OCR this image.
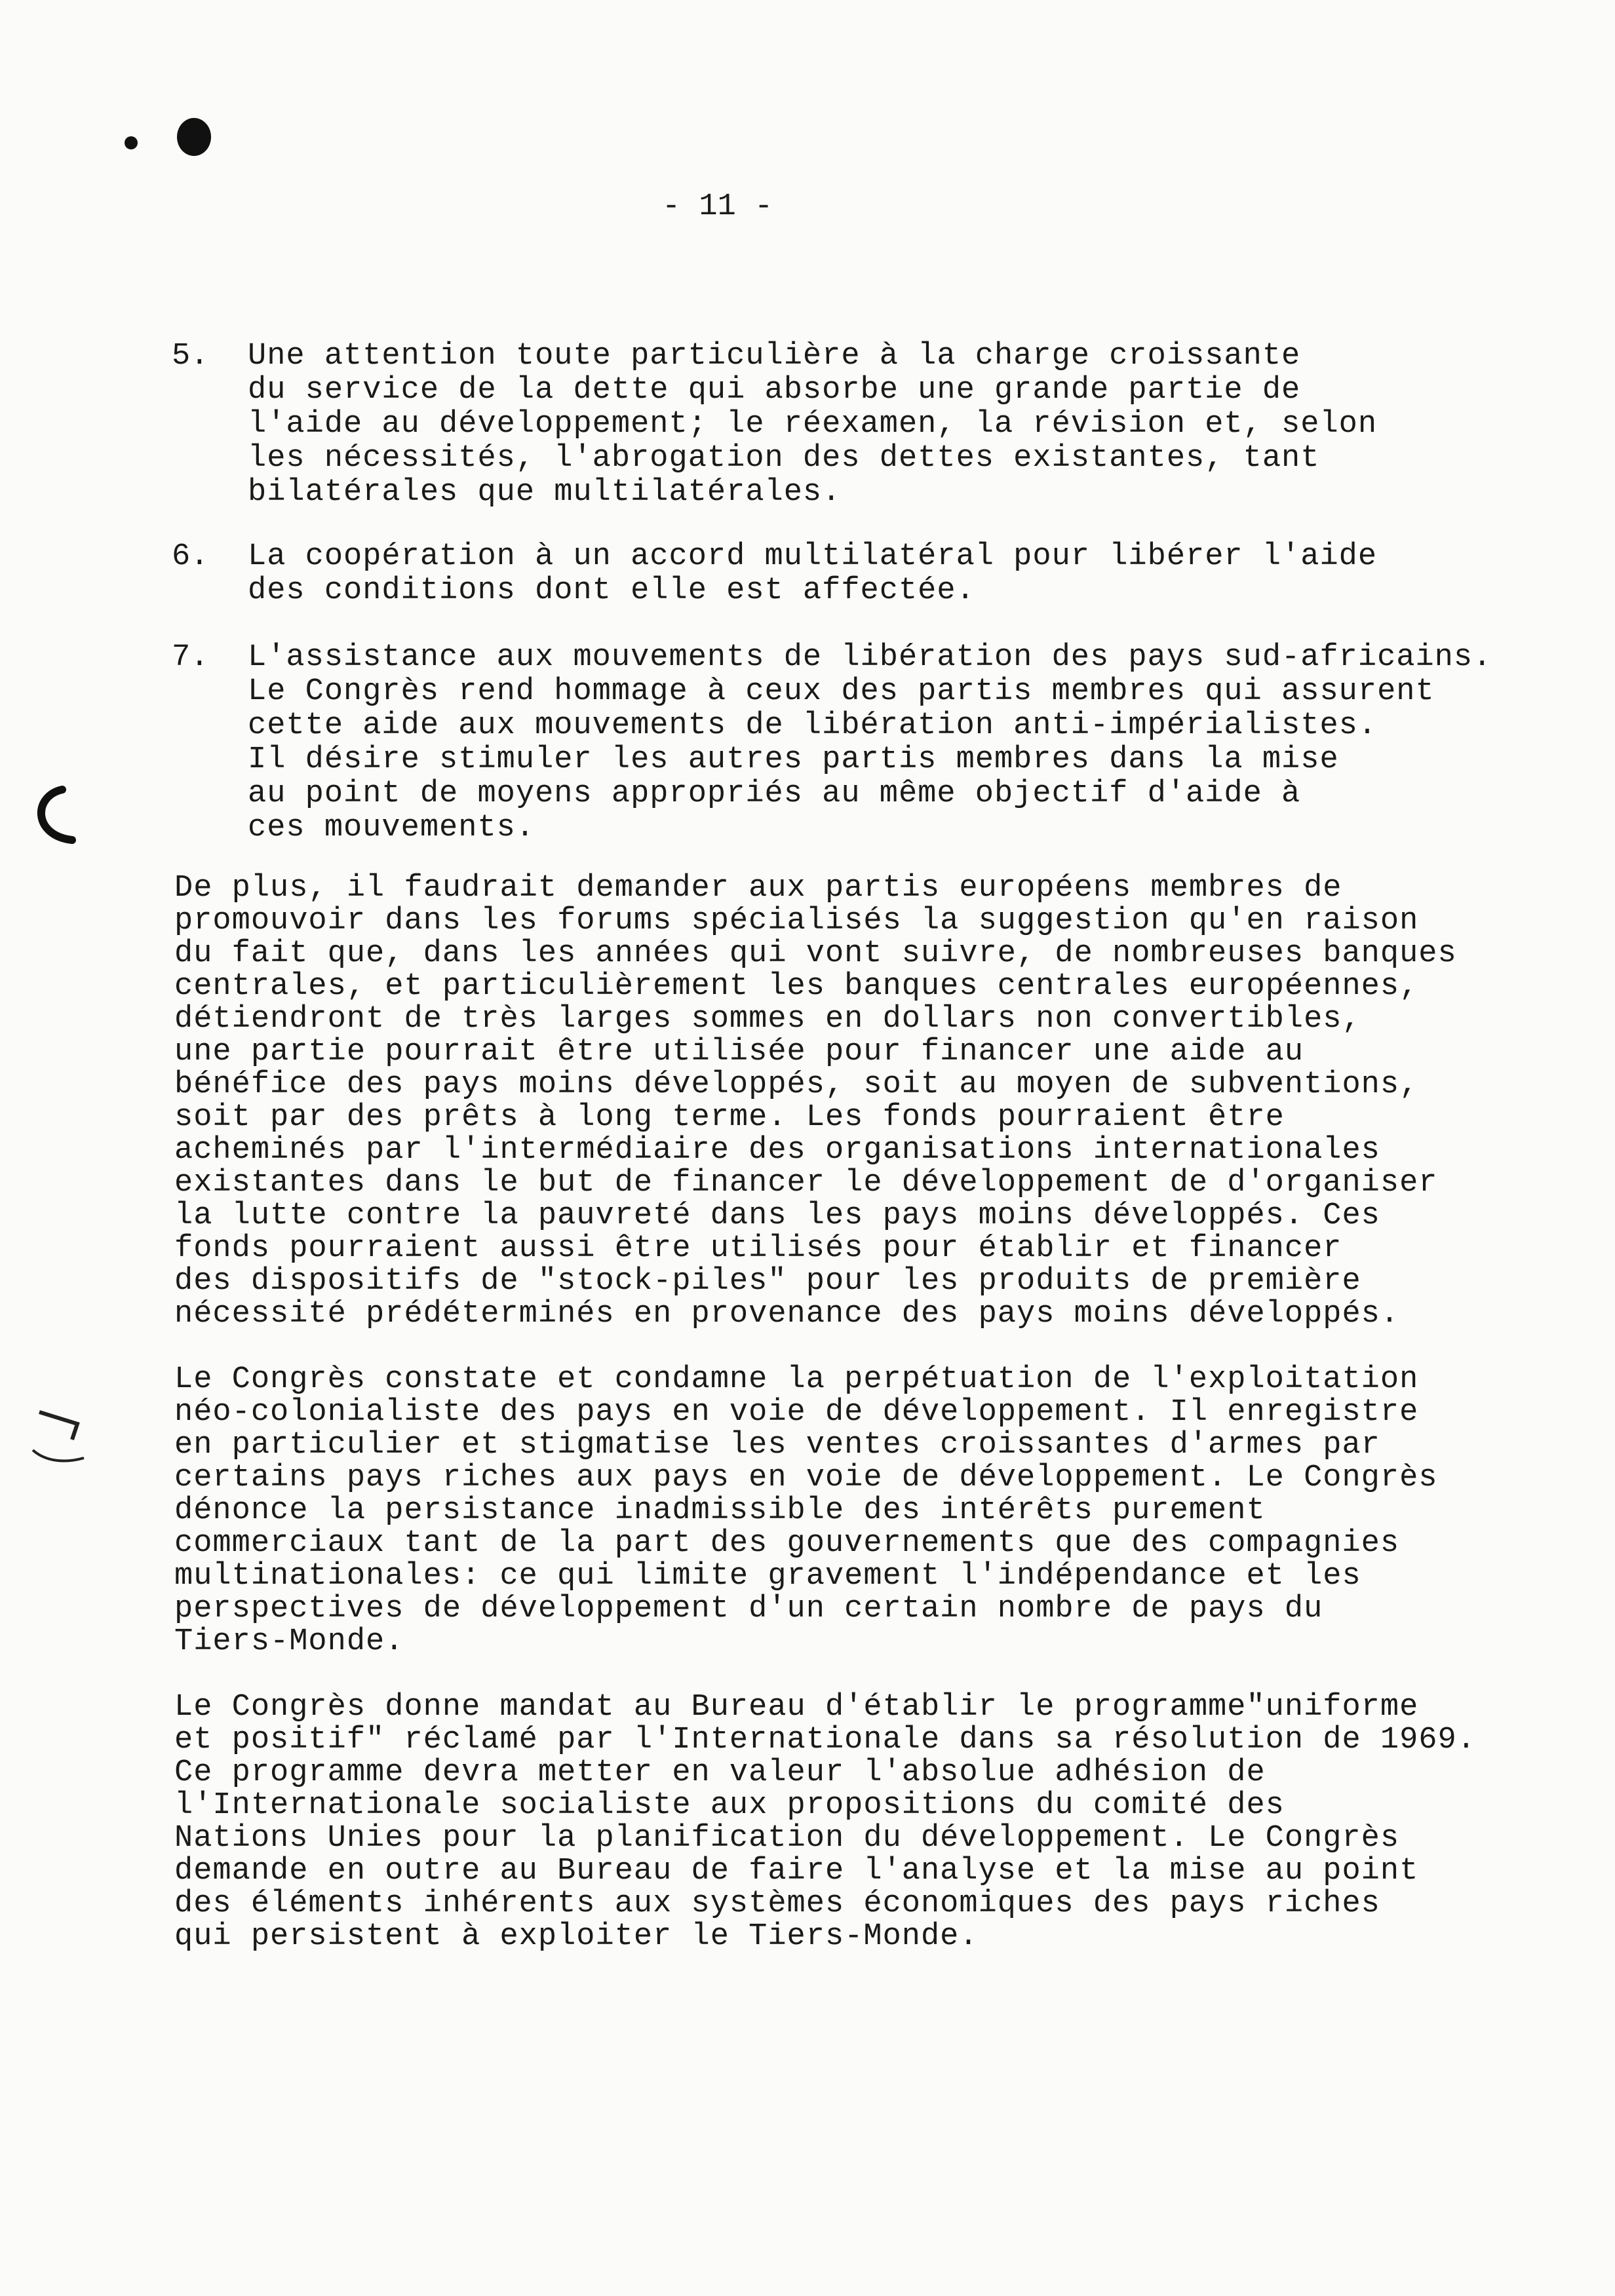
- 11 -

5. Une attention toute particulière à la charge croissante

du service de la dette qui absorbe une grande partie de

l'aide au développement; le réexamen, la révision et, selon

les nécessités, l'abrogation des dettes existantes, tant

bilatérales que multilatérales.

6. La coopération à un accord multilatéral pour libérer l'aide

des conditions dont elle est affectée.

7. L'assistance aux mouvements de libération des pays sud-africains.

Le Congrès rend hommage à ceux des partis membres qui assurent

cette aide aux mouvements de libération anti-impérialistes.

Il désire stimuler les autres partis membres dans la mise

au point de moyens appropriés au même objectif d'aide à

ces mouvements.

De plus, il faudrait demander aux partis européens membres de

promouvoir dans les forums spécialisés la suggestion qu'en raison

du fait que, dans les années qui vont suivre, de nombreuses banques

centrales, et particulièrement les banques centrales européennes,

détiendront de très larges sommes en dollars non convertibles,

une partie pourrait être utilisée pour financer une aide au

bénéfice des pays moins développés, soit au moyen de subventions,

soit par des prêts à long terme. Les fonds pourraient être

acheminés par l'intermédiaire des organisations internationales

existantes dans le but de financer le développement de d'organiser

la lutte contre la pauvreté dans les pays moins développés. Ces

fonds pourraient aussi être utilisés pour établir et financer

des dispositifs de "stock-piles" pour les produits de première

nécessité prédéterminés en provenance des pays moins développés.

Le Congrès constate et condamne la perpétuation de l'exploitation

néo-colonialiste des pays en voie de développement. Il enregistre

en particulier et stigmatise les ventes croissantes d'armes par

certains pays riches aux pays en voie de développement. Le Congrès

dénonce la persistance inadmissible des intérêts purement

commerciaux tant de la part des gouvernements que des compagnies

multinationales: ce qui limite gravement l'indépendance et les

perspectives de développement d'un certain nombre de pays du

Tiers-Monde.

Le Congrès donne mandat au Bureau d'établir le programme"uniforme

et positif" réclamé par l'Internationale dans sa résolution de 1969.

Ce programme devra metter en valeur l'absolue adhésion de

l'Internationale socialiste aux propositions du comité des

Nations Unies pour la planification du développement. Le Congrès

demande en outre au Bureau de faire l'analyse et la mise au point

des éléments inhérents aux systèmes économiques des pays riches

qui persistent à exploiter le Tiers-Monde.
